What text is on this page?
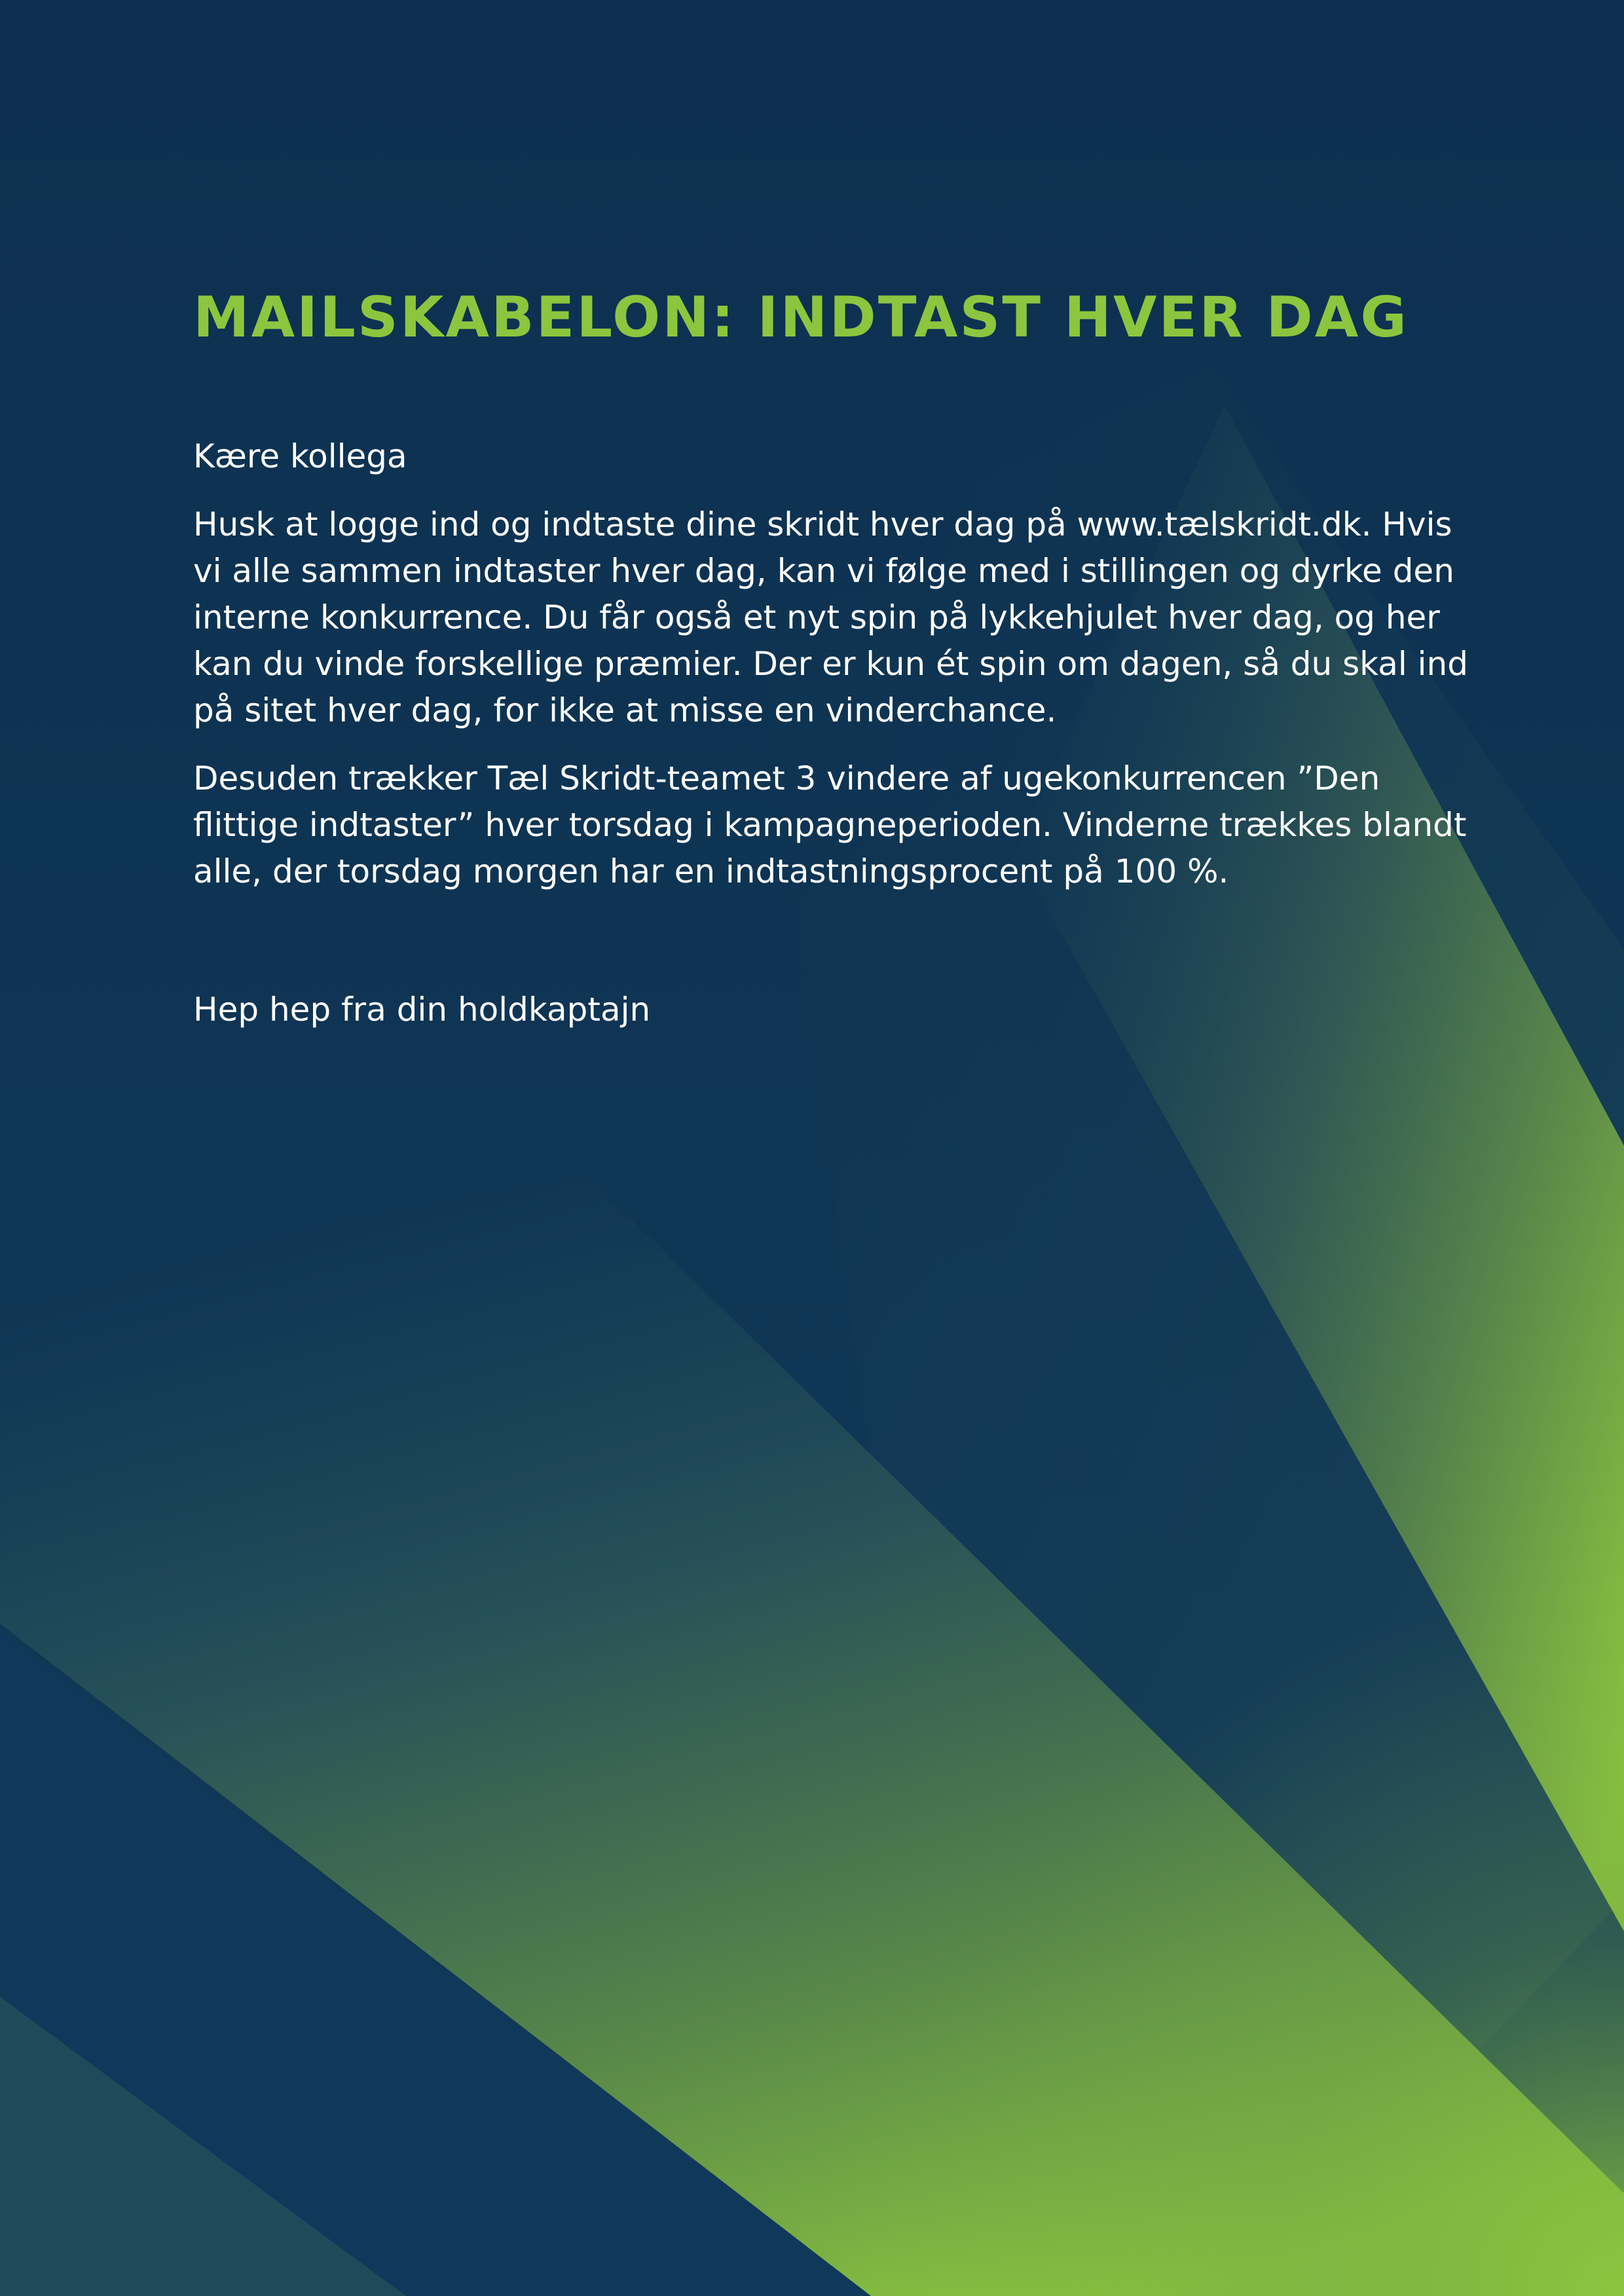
MAILSKABELON: INDTAST HVER DAG

Kære kollega

Husk at logge ind og indtaste dine skridt hver dag på www.tælskridt.dk. Hvis vi alle sammen indtaster hver dag, kan vi følge med i stillingen og dyrke den interne konkurrence. Du får også et nyt spin på lykkehjulet hver dag, og her kan du vinde forskellige præmier. Der er kun ét spin om dagen, så du skal ind på sitet hver dag, for ikke at misse en vinderchance.

Desuden trækker Tæl Skridt-teamet 3 vindere af ugekonkurrencen ”Den flittige indtaster” hver torsdag i kampagneperioden. Vinderne trækkes blandt alle, der torsdag morgen har en indtastningsprocent på 100 %.

Hep hep fra din holdkaptajn
